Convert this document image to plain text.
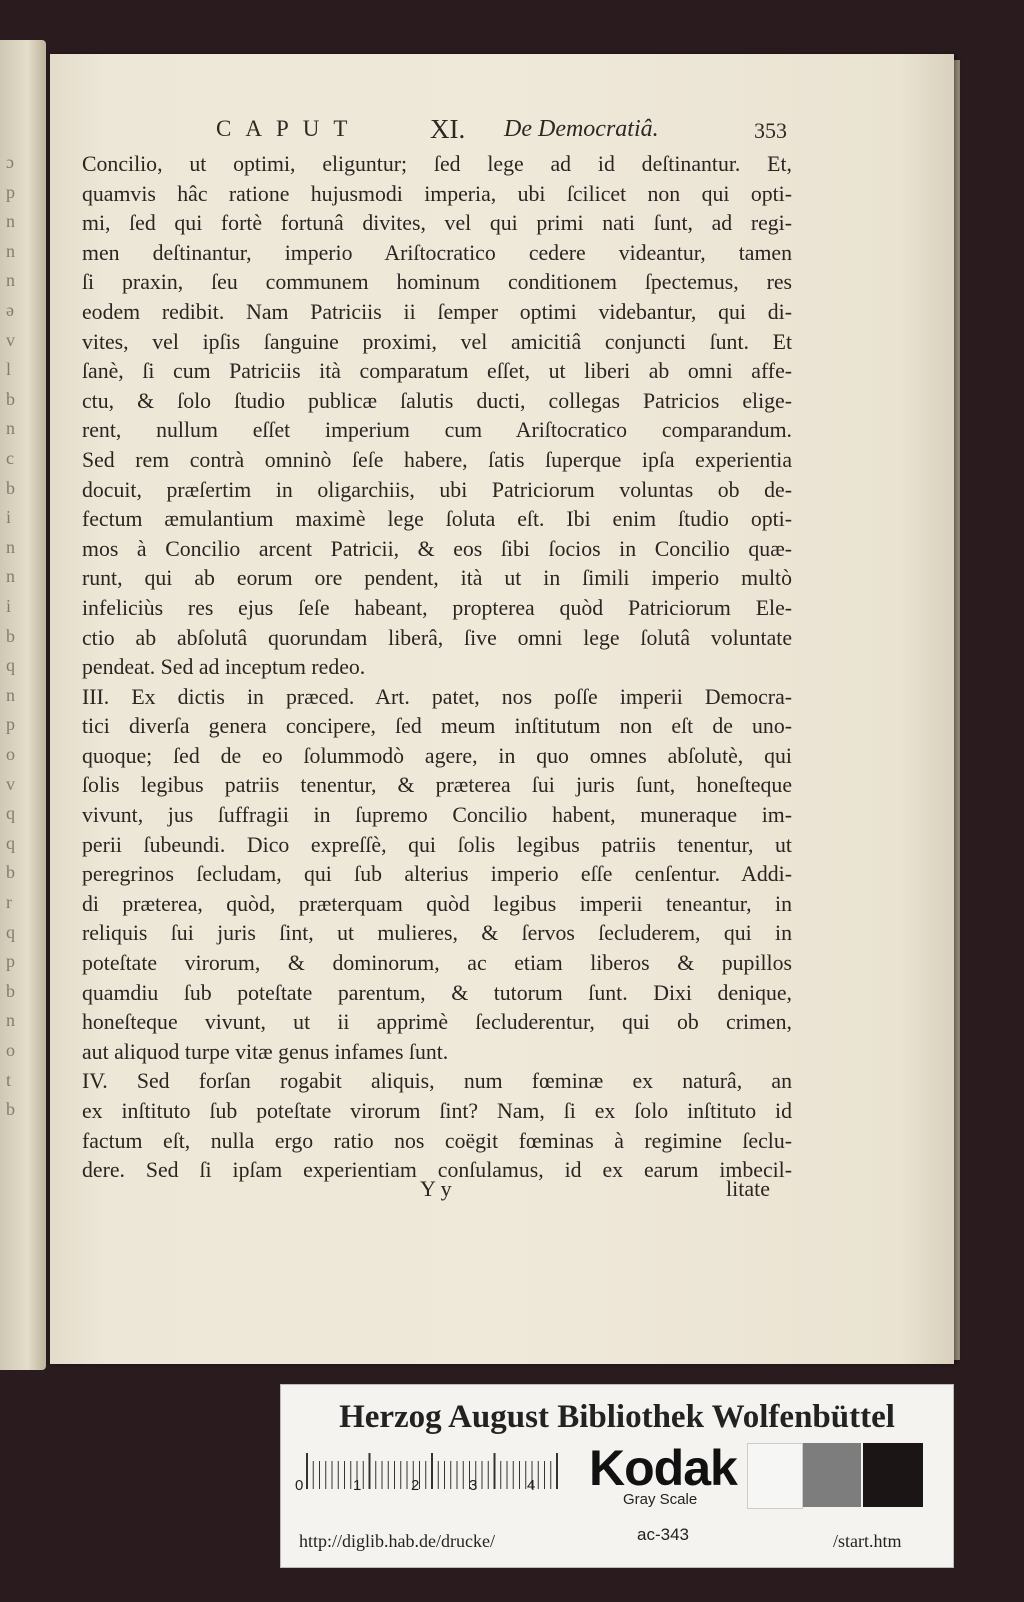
ɔ
p
n
n
n
ə
v
l
b
n
c
b
i
n
n
i
b
q
n
p
o
v
q
q
b
r
q
p
b
n
o
t
b
CAPUT	XI. De Democratiâ.	353
Concilio, ut optimi, eliguntur; ſed lege ad id deſtinantur. Et,
quamvis hâc ratione hujusmodi imperia, ubi ſcilicet non qui opti-
mi, ſed qui fortè fortunâ divites, vel qui primi nati ſunt, ad regi-
men deſtinantur, imperio Ariſtocratico cedere videantur, tamen
ſi praxin, ſeu communem hominum conditionem ſpectemus, res
eodem redibit. Nam Patriciis ii ſemper optimi videbantur, qui di-
vites, vel ipſis ſanguine proximi, vel amicitiâ conjuncti ſunt. Et
ſanè, ſi cum Patriciis ità comparatum eſſet, ut liberi ab omni affe-
ctu, & ſolo ſtudio publicæ ſalutis ducti, collegas Patricios elige-
rent, nullum eſſet imperium cum Ariſtocratico comparandum.
Sed rem contrà omninò ſeſe habere, ſatis ſuperque ipſa experientia
docuit, præſertim in oligarchiis, ubi Patriciorum voluntas ob de-
fectum æmulantium maximè lege ſoluta eſt. Ibi enim ſtudio opti-
mos à Concilio arcent Patricii, & eos ſibi ſocios in Concilio quæ-
runt, qui ab eorum ore pendent, ità ut in ſimili imperio multò
infeliciùs res ejus ſeſe habeant, propterea quòd Patriciorum Ele-
ctio ab abſolutâ quorundam liberâ, ſive omni lege ſolutâ voluntate
pendeat. Sed ad inceptum redeo.
III. Ex dictis in præced. Art. patet, nos poſſe imperii Democra-
tici diverſa genera concipere, ſed meum inſtitutum non eſt de uno-
quoque; ſed de eo ſolummodò agere, in quo omnes abſolutè, qui
ſolis legibus patriis tenentur, & præterea ſui juris ſunt, honeſteque
vivunt, jus ſuffragii in ſupremo Concilio habent, muneraque im-
perii ſubeundi. Dico expreſſè, qui ſolis legibus patriis tenentur, ut
peregrinos ſecludam, qui ſub alterius imperio eſſe cenſentur. Addi-
di præterea, quòd, præterquam quòd legibus imperii teneantur, in
reliquis ſui juris ſint, ut mulieres, & ſervos ſecluderem, qui in
poteſtate virorum, & dominorum, ac etiam liberos & pupillos
quamdiu ſub poteſtate parentum, & tutorum ſunt. Dixi denique,
honeſteque vivunt, ut ii apprimè ſecluderentur, qui ob crimen,
aut aliquod turpe vitæ genus infames ſunt.
IV. Sed forſan rogabit aliquis, num fœminæ ex naturâ, an
ex inſtituto ſub poteſtate virorum ſint? Nam, ſi ex ſolo inſtituto id
factum eſt, nulla ergo ratio nos coëgit fœminas à regimine ſeclu-
dere. Sed ſi ipſam experientiam conſulamus, id ex earum imbecil-
Y y	litate
Herzog August Bibliothek Wolfenbüttel
0	1	2	3	4 Kodak
Gray Scale
http://diglib.hab.de/drucke/	ac-343	/start.htm
